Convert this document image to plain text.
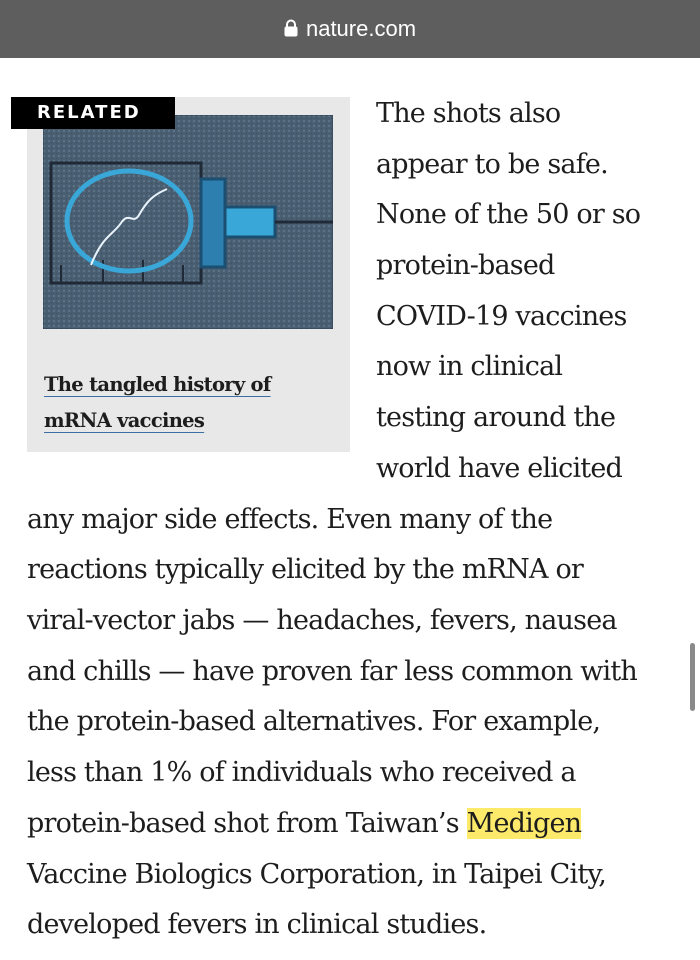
nature.com
RELATED
The tangled history of
mRNA vaccines
The shots also
appear to be safe.
None of the 50 or so
protein-based
COVID-19 vaccines
now in clinical
testing around the
world have elicited
any major side effects. Even many of the
reactions typically elicited by the mRNA or
viral-vector jabs — headaches, fevers, nausea
and chills — have proven far less common with
the protein-based alternatives. For example,
less than 1% of individuals who received a
protein-based shot from Taiwan’s Medigen
Vaccine Biologics Corporation, in Taipei City,
developed fevers in clinical studies.
